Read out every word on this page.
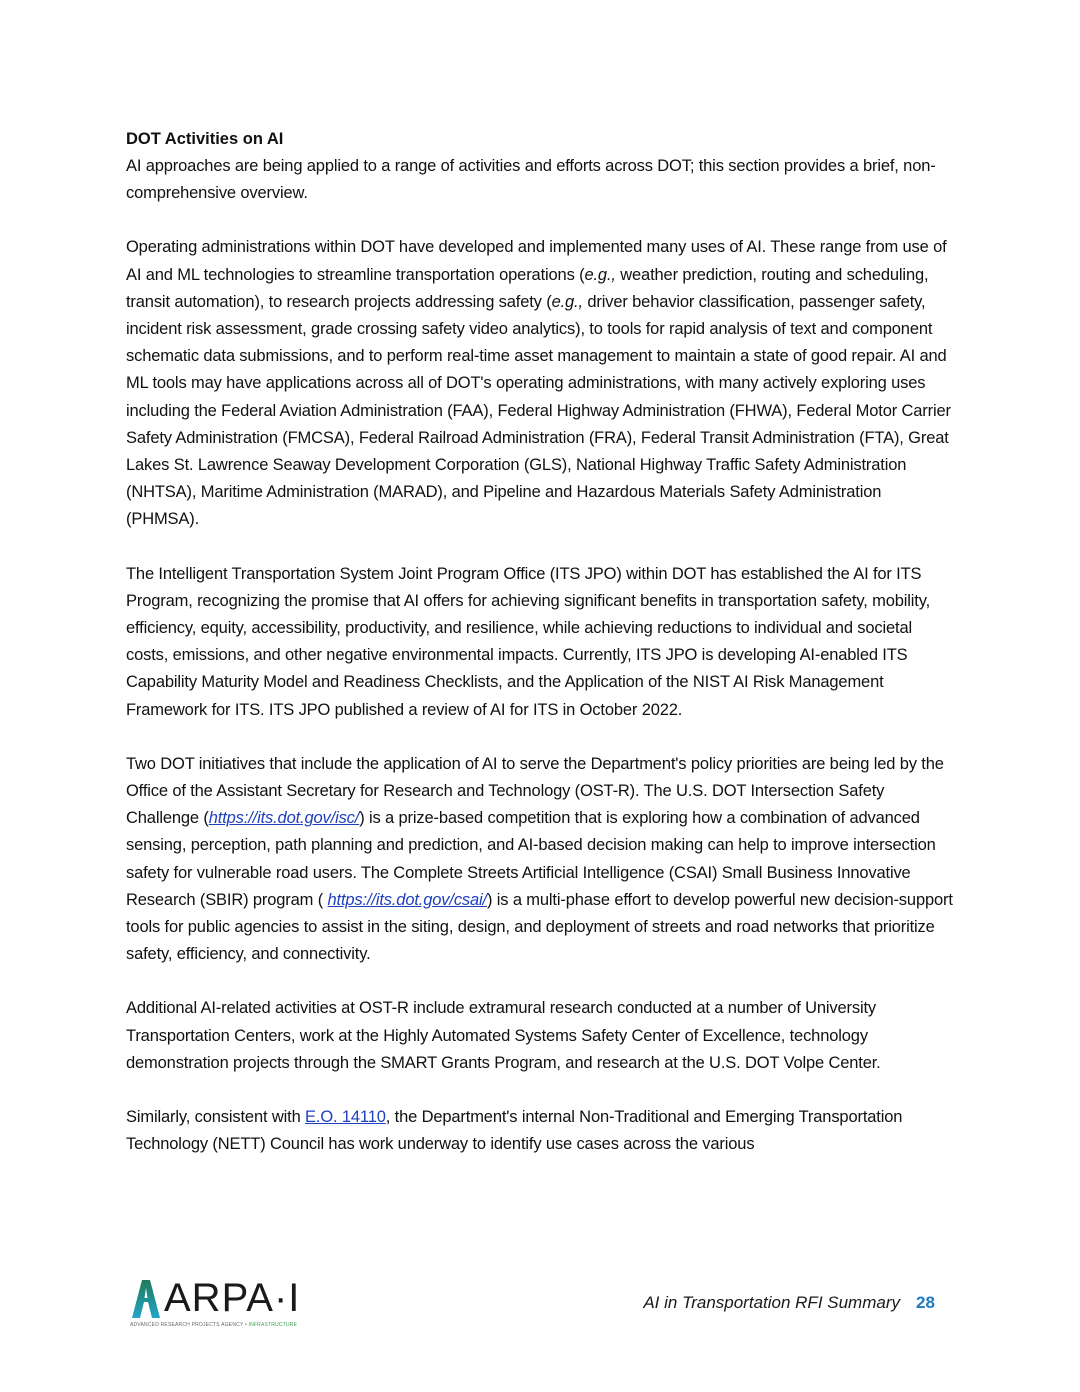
DOT Activities on AI

AI approaches are being applied to a range of activities and efforts across DOT; this section provides a brief, non-comprehensive overview.

Operating administrations within DOT have developed and implemented many uses of AI. These range from use of AI and ML technologies to streamline transportation operations (e.g., weather prediction, routing and scheduling, transit automation), to research projects addressing safety (e.g., driver behavior classification, passenger safety, incident risk assessment, grade crossing safety video analytics), to tools for rapid analysis of text and component schematic data submissions, and to perform real-time asset management to maintain a state of good repair. AI and ML tools may have applications across all of DOT's operating administrations, with many actively exploring uses including the Federal Aviation Administration (FAA), Federal Highway Administration (FHWA), Federal Motor Carrier Safety Administration (FMCSA), Federal Railroad Administration (FRA), Federal Transit Administration (FTA), Great Lakes St. Lawrence Seaway Development Corporation (GLS), National Highway Traffic Safety Administration (NHTSA), Maritime Administration (MARAD), and Pipeline and Hazardous Materials Safety Administration (PHMSA).

The Intelligent Transportation System Joint Program Office (ITS JPO) within DOT has established the AI for ITS Program, recognizing the promise that AI offers for achieving significant benefits in transportation safety, mobility, efficiency, equity, accessibility, productivity, and resilience, while achieving reductions to individual and societal costs, emissions, and other negative environmental impacts. Currently, ITS JPO is developing AI-enabled ITS Capability Maturity Model and Readiness Checklists, and the Application of the NIST AI Risk Management Framework for ITS. ITS JPO published a review of AI for ITS in October 2022.

Two DOT initiatives that include the application of AI to serve the Department's policy priorities are being led by the Office of the Assistant Secretary for Research and Technology (OST-R). The U.S. DOT Intersection Safety Challenge (https://its.dot.gov/isc/) is a prize-based competition that is exploring how a combination of advanced sensing, perception, path planning and prediction, and AI-based decision making can help to improve intersection safety for vulnerable road users. The Complete Streets Artificial Intelligence (CSAI) Small Business Innovative Research (SBIR) program ( https://its.dot.gov/csai/) is a multi-phase effort to develop powerful new decision-support tools for public agencies to assist in the siting, design, and deployment of streets and road networks that prioritize safety, efficiency, and connectivity.

Additional AI-related activities at OST-R include extramural research conducted at a number of University Transportation Centers, work at the Highly Automated Systems Safety Center of Excellence, technology demonstration projects through the SMART Grants Program, and research at the U.S. DOT Volpe Center.

Similarly, consistent with E.O. 14110, the Department's internal Non-Traditional and Emerging Transportation Technology (NETT) Council has work underway to identify use cases across the various

ARPA·I
ADVANCED RESEARCH PROJECTS AGENCY • INFRASTRUCTURE
AI in Transportation RFI Summary 28
